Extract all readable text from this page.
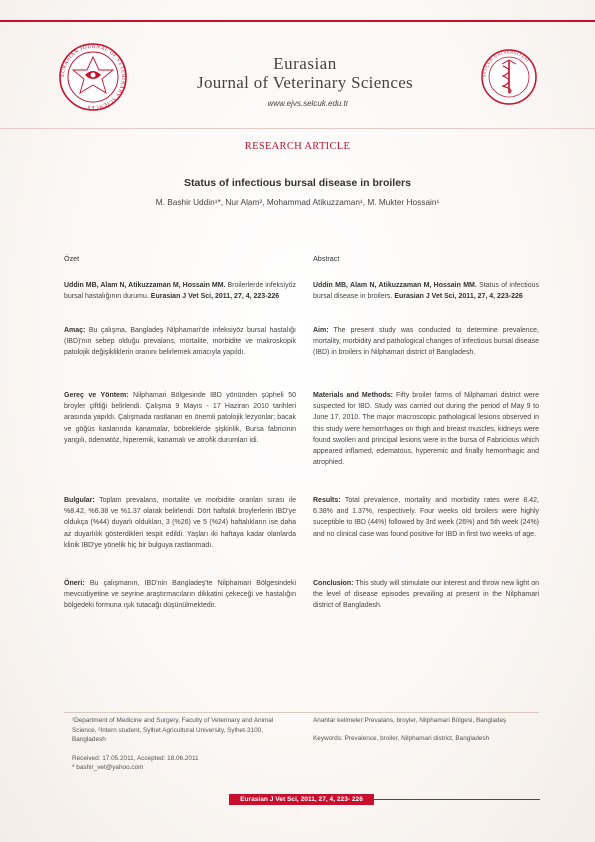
EURASIAN JOURNAL OF VETERINARY SCIENCES
Eurasian
Journal of Veterinary Sciences
www.ejvs.selcuk.edu.tr
SELÇUK ÜNİVERSİTESİ
RESEARCH ARTICLE
Status of infectious bursal disease in broilers
M. Bashir Uddin¹*, Nur Alam², Mohammad Atikuzzaman¹, M. Mukter Hossain¹
Özet
Uddin MB, Alam N, Atikuzzaman M, Hossain MM. Broilerlerde infeksiyöz bursal hastalığının durumu. Eurasian J Vet Sci, 2011, 27, 4, 223-226
Amaç: Bu çalışma, Bangladeş Nilphamari'de infeksiyöz bursal hastalığı (IBD)'nın sebep olduğu prevalans, mortalite, morbidite ve makroskopik patolojik değişikliklerin oranını belirlemek amacıyla yapıldı.
Gereç ve Yöntem: Nilphamari Bölgesinde IBD yönünden şüpheli 50 broyler çiftliği belirlendi. Çalışma 9 Mayıs - 17 Haziran 2010 tarihleri arasında yapıldı. Çalışmada rastlanan en önemli patolojik lezyonlar; bacak ve göğüs kaslarında kanamalar, böbreklerde şişkinlik, Bursa fabricinin yangılı, ödematöz, hiperemik, kanamalı ve atrofik durumları idi.
Bulgular: Toplam prevalans, mortalite ve morbidite oranları sırası ile %8.42, %6.38 ve %1.37 olarak belirlendi. Dört haftalık broylerlerin IBD'ye oldukça (%44) duyarlı oldukları, 3 (%26) ve 5 (%24) haftalıkların ise daha az duyarlılık gösterdikleri tespit edildi. Yaşları iki haftaya kadar olanlarda klinik IBD'ye yönelik hiç bir bulguya rastlanmadı.
Öneri: Bu çalışmanın, IBD'nin Bangladeş'te Nilphamari Bölgesindeki mevcudiyetine ve seyrine araştırmacıların dikkatini çekeceği ve hastalığın bölgedeki formuna ışık tutacağı düşünülmektedir.
Abstract
Uddin MB, Alam N, Atikuzzaman M, Hossain MM. Status of infectious bursal disease in broilers. Eurasian J Vet Sci, 2011, 27, 4, 223-226
Aim: The present study was conducted to determine prevalence, mortality, morbidity and pathological changes of infectious bursal disease (IBD) in broilers in Nilphamari district of Bangladesh.
Materials and Methods: Fifty broiler farms of Nilphamari district were suspected for IBD. Study was carried out during the period of May 9 to June 17, 2010. The major macroscopic pathological lesions observed in this study were hemorrhages on thigh and breast muscles, kidneys were found swollen and principal lesions were in the bursa of Fabricious which appeared inflamed, edematous, hyperemic and finally hemorrhagic and atrophied.
Results: Total prevalence, mortality and morbidity rates were 8.42, 6.38% and 1.37%, respectively. Four weeks old broilers were highly suceptible to IBD (44%) followed by 3rd week (26%) and 5th week (24%) and no clinical case was found positive for IBD in first two weeks of age.
Conclusion: This study will stimulate our interest and throw new light on the level of disease episodes prevailing at present in the Nilphamari district of Bangladesh.
¹Department of Medicine and Surgery, Faculty of Veterinary and Animal Science, ²Intern student, Sylhet Agricultural University, Sylhet-3100, Bangladesh
Received: 17.05.2011, Accepted: 18.06.2011
* bashir_vet@yahoo.com
Anahtar kelimeler:Prevalans, broyler, Nilphamari Bölgesi, Bangladeş
Keywords: Prevalence, broiler, Nilphamari district, Bangladesh
Eurasian J Vet Sci, 2011, 27, 4, 223- 226
